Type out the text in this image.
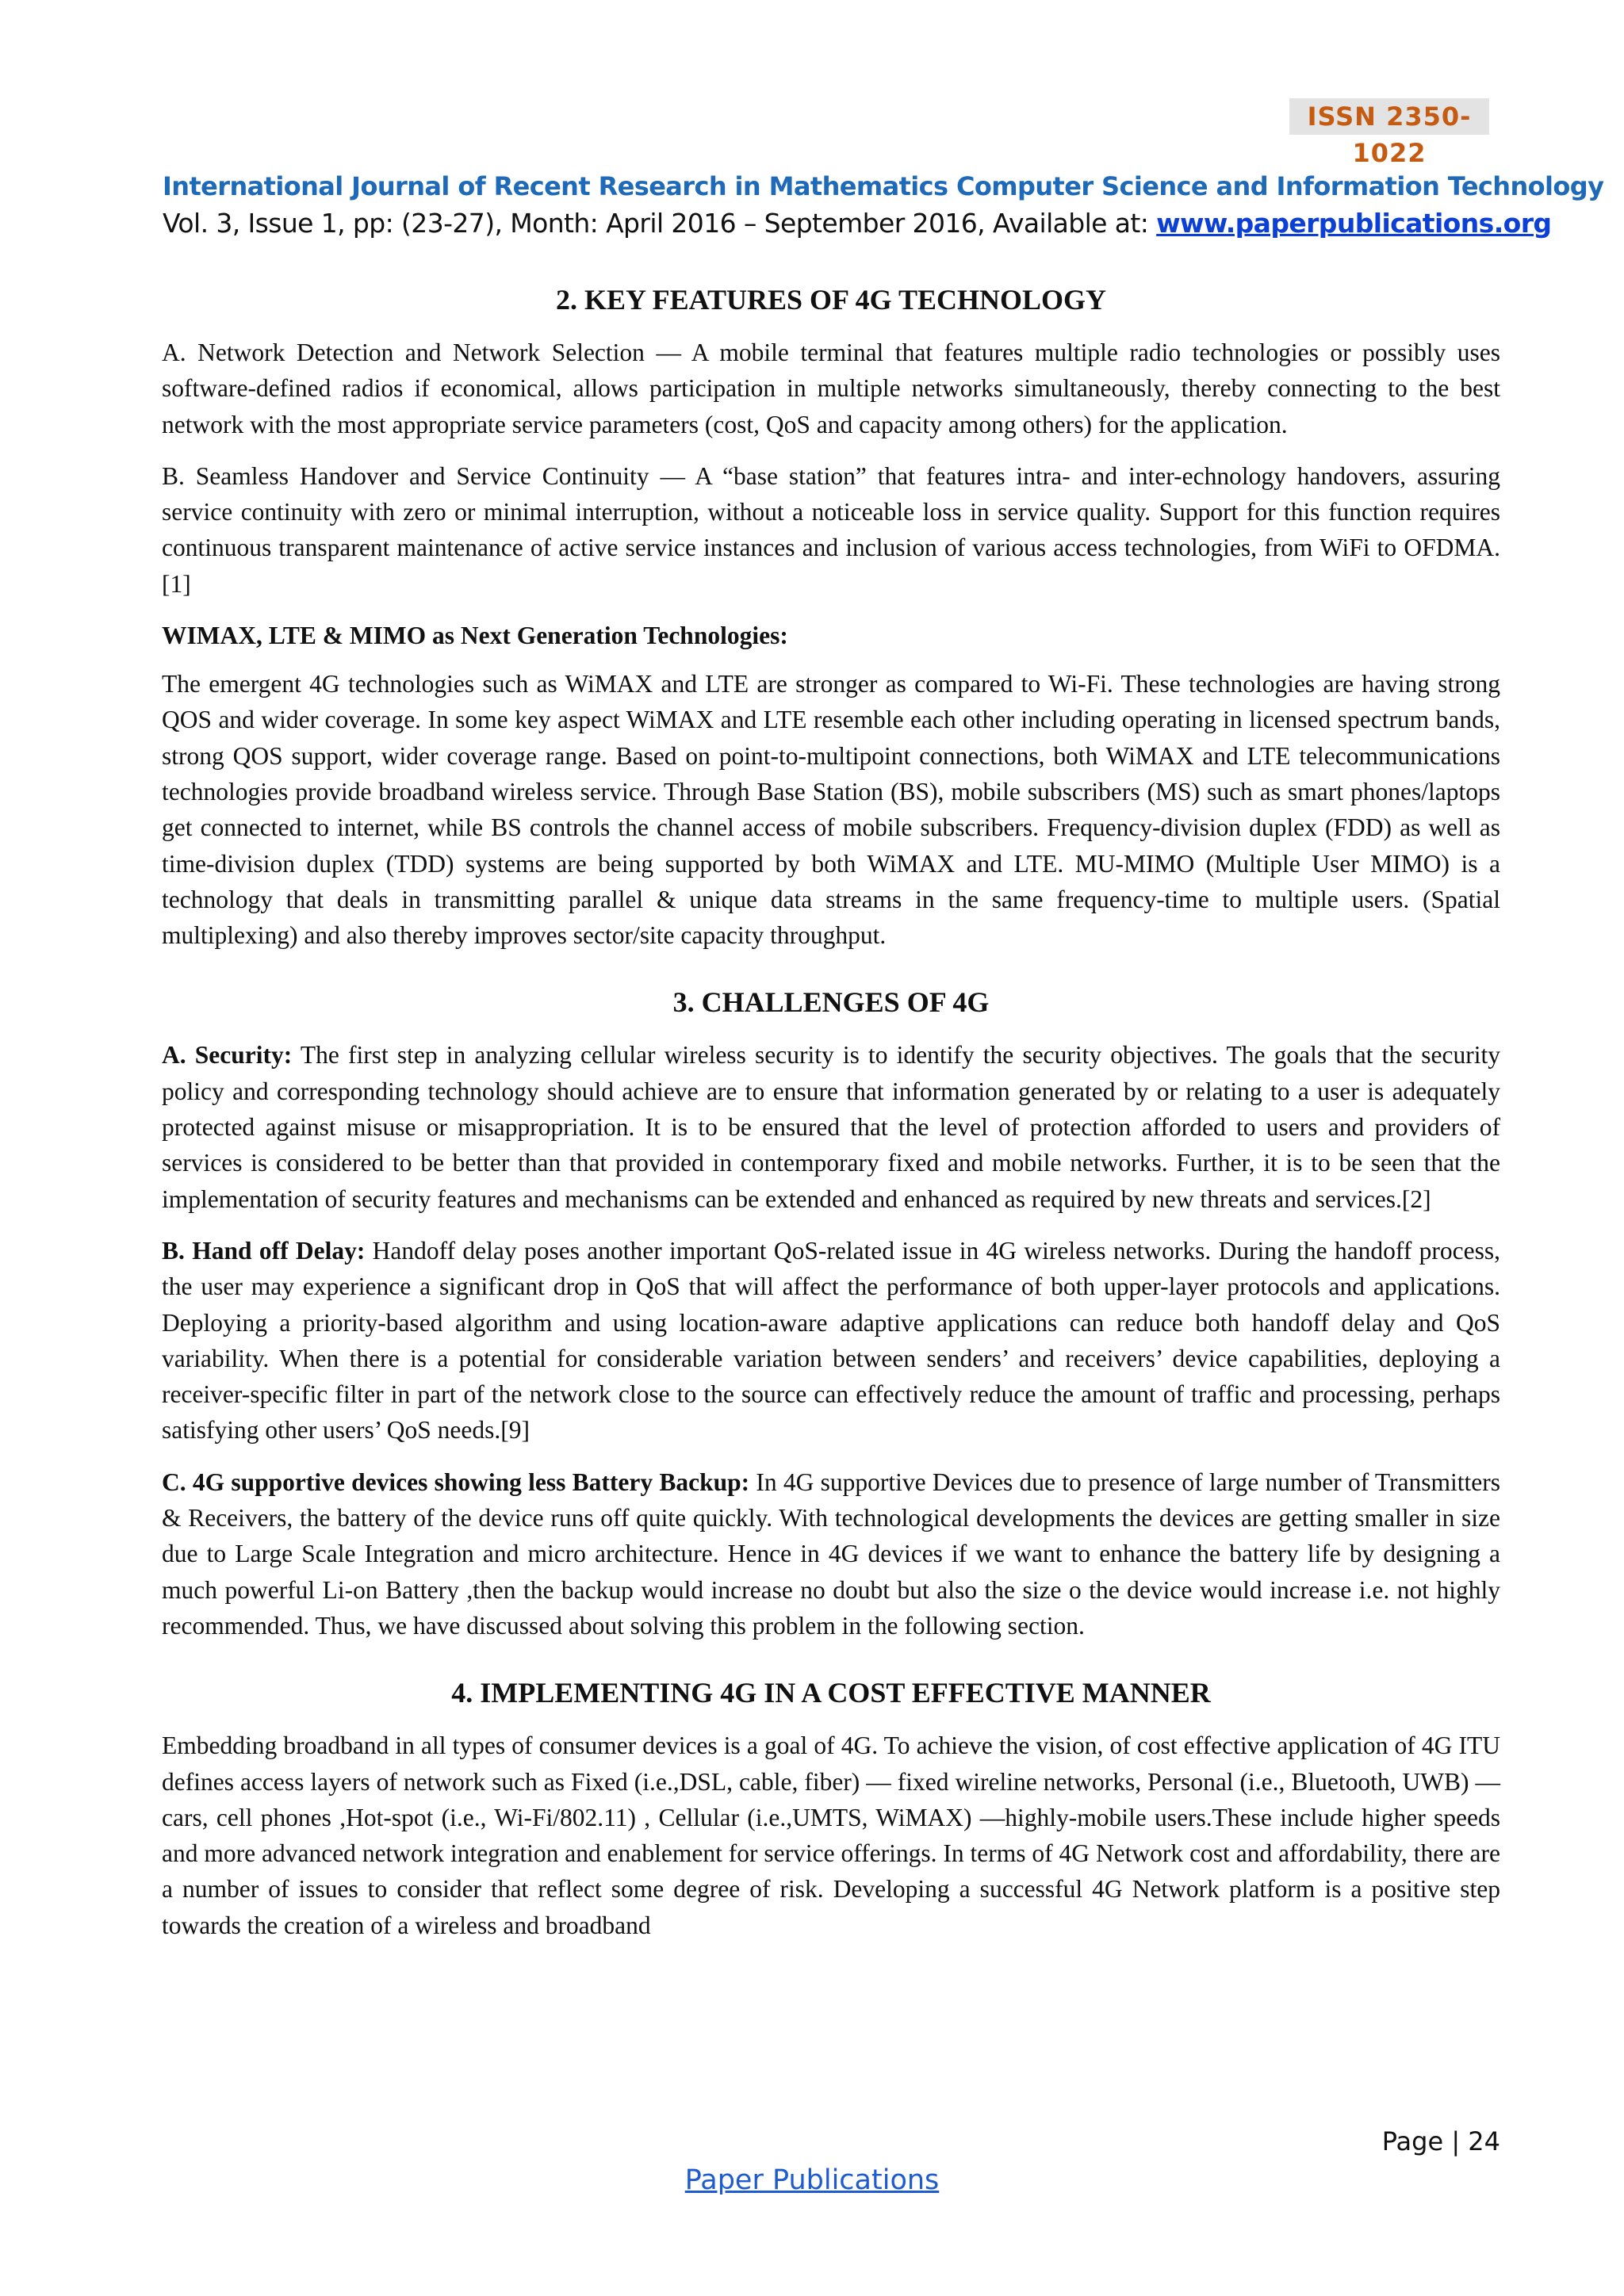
ISSN 2350-1022
International Journal of Recent Research in Mathematics Computer Science and Information Technology
Vol. 3, Issue 1, pp: (23-27), Month: April 2016 – September 2016, Available at: www.paperpublications.org
2. KEY FEATURES OF 4G TECHNOLOGY

A. Network Detection and Network Selection — A mobile terminal that features multiple radio technologies or possibly uses software-defined radios if economical, allows participation in multiple networks simultaneously, thereby connecting to the best network with the most appropriate service parameters (cost, QoS and capacity among others) for the application.

B. Seamless Handover and Service Continuity — A “base station” that features intra- and inter-echnology handovers, assuring service continuity with zero or minimal interruption, without a noticeable loss in service quality. Support for this function requires continuous transparent maintenance of active service instances and inclusion of various access technologies, from WiFi to OFDMA.[1]

WIMAX, LTE & MIMO as Next Generation Technologies:

The emergent 4G technologies such as WiMAX and LTE are stronger as compared to Wi-Fi. These technologies are having strong QOS and wider coverage. In some key aspect WiMAX and LTE resemble each other including operating in licensed spectrum bands, strong QOS support, wider coverage range. Based on point-to-multipoint connections, both WiMAX and LTE telecommunications technologies provide broadband wireless service. Through Base Station (BS), mobile subscribers (MS) such as smart phones/laptops get connected to internet, while BS controls the channel access of mobile subscribers. Frequency-division duplex (FDD) as well as time-division duplex (TDD) systems are being supported by both WiMAX and LTE. MU-MIMO (Multiple User MIMO) is a technology that deals in transmitting parallel & unique data streams in the same frequency-time to multiple users. (Spatial multiplexing) and also thereby improves sector/site capacity throughput.

3. CHALLENGES OF 4G

A. Security: The first step in analyzing cellular wireless security is to identify the security objectives. The goals that the security policy and corresponding technology should achieve are to ensure that information generated by or relating to a user is adequately protected against misuse or misappropriation. It is to be ensured that the level of protection afforded to users and providers of services is considered to be better than that provided in contemporary fixed and mobile networks. Further, it is to be seen that the implementation of security features and mechanisms can be extended and enhanced as required by new threats and services.[2]

B. Hand off Delay: Handoff delay poses another important QoS-related issue in 4G wireless networks. During the handoff process, the user may experience a significant drop in QoS that will affect the performance of both upper-layer protocols and applications. Deploying a priority-based algorithm and using location-aware adaptive applications can reduce both handoff delay and QoS variability. When there is a potential for considerable variation between senders’ and receivers’ device capabilities, deploying a receiver-specific filter in part of the network close to the source can effectively reduce the amount of traffic and processing, perhaps satisfying other users’ QoS needs.[9]

C. 4G supportive devices showing less Battery Backup: In 4G supportive Devices due to presence of large number of Transmitters & Receivers, the battery of the device runs off quite quickly. With technological developments the devices are getting smaller in size due to Large Scale Integration and micro architecture. Hence in 4G devices if we want to enhance the battery life by designing a much powerful Li-on Battery ,then the backup would increase no doubt but also the size o the device would increase i.e. not highly recommended. Thus, we have discussed about solving this problem in the following section.

4. IMPLEMENTING 4G IN A COST EFFECTIVE MANNER

Embedding broadband in all types of consumer devices is a goal of 4G. To achieve the vision, of cost effective application of 4G ITU defines access layers of network such as Fixed (i.e.,DSL, cable, fiber) — fixed wireline networks, Personal (i.e., Bluetooth, UWB) —cars, cell phones ,Hot-spot (i.e., Wi-Fi/802.11) , Cellular (i.e.,UMTS, WiMAX) —highly-mobile users.These include higher speeds and more advanced network integration and enablement for service offerings. In terms of 4G Network cost and affordability, there are a number of issues to consider that reflect some degree of risk. Developing a successful 4G Network platform is a positive step towards the creation of a wireless and broadband

Page | 24
Paper Publications
